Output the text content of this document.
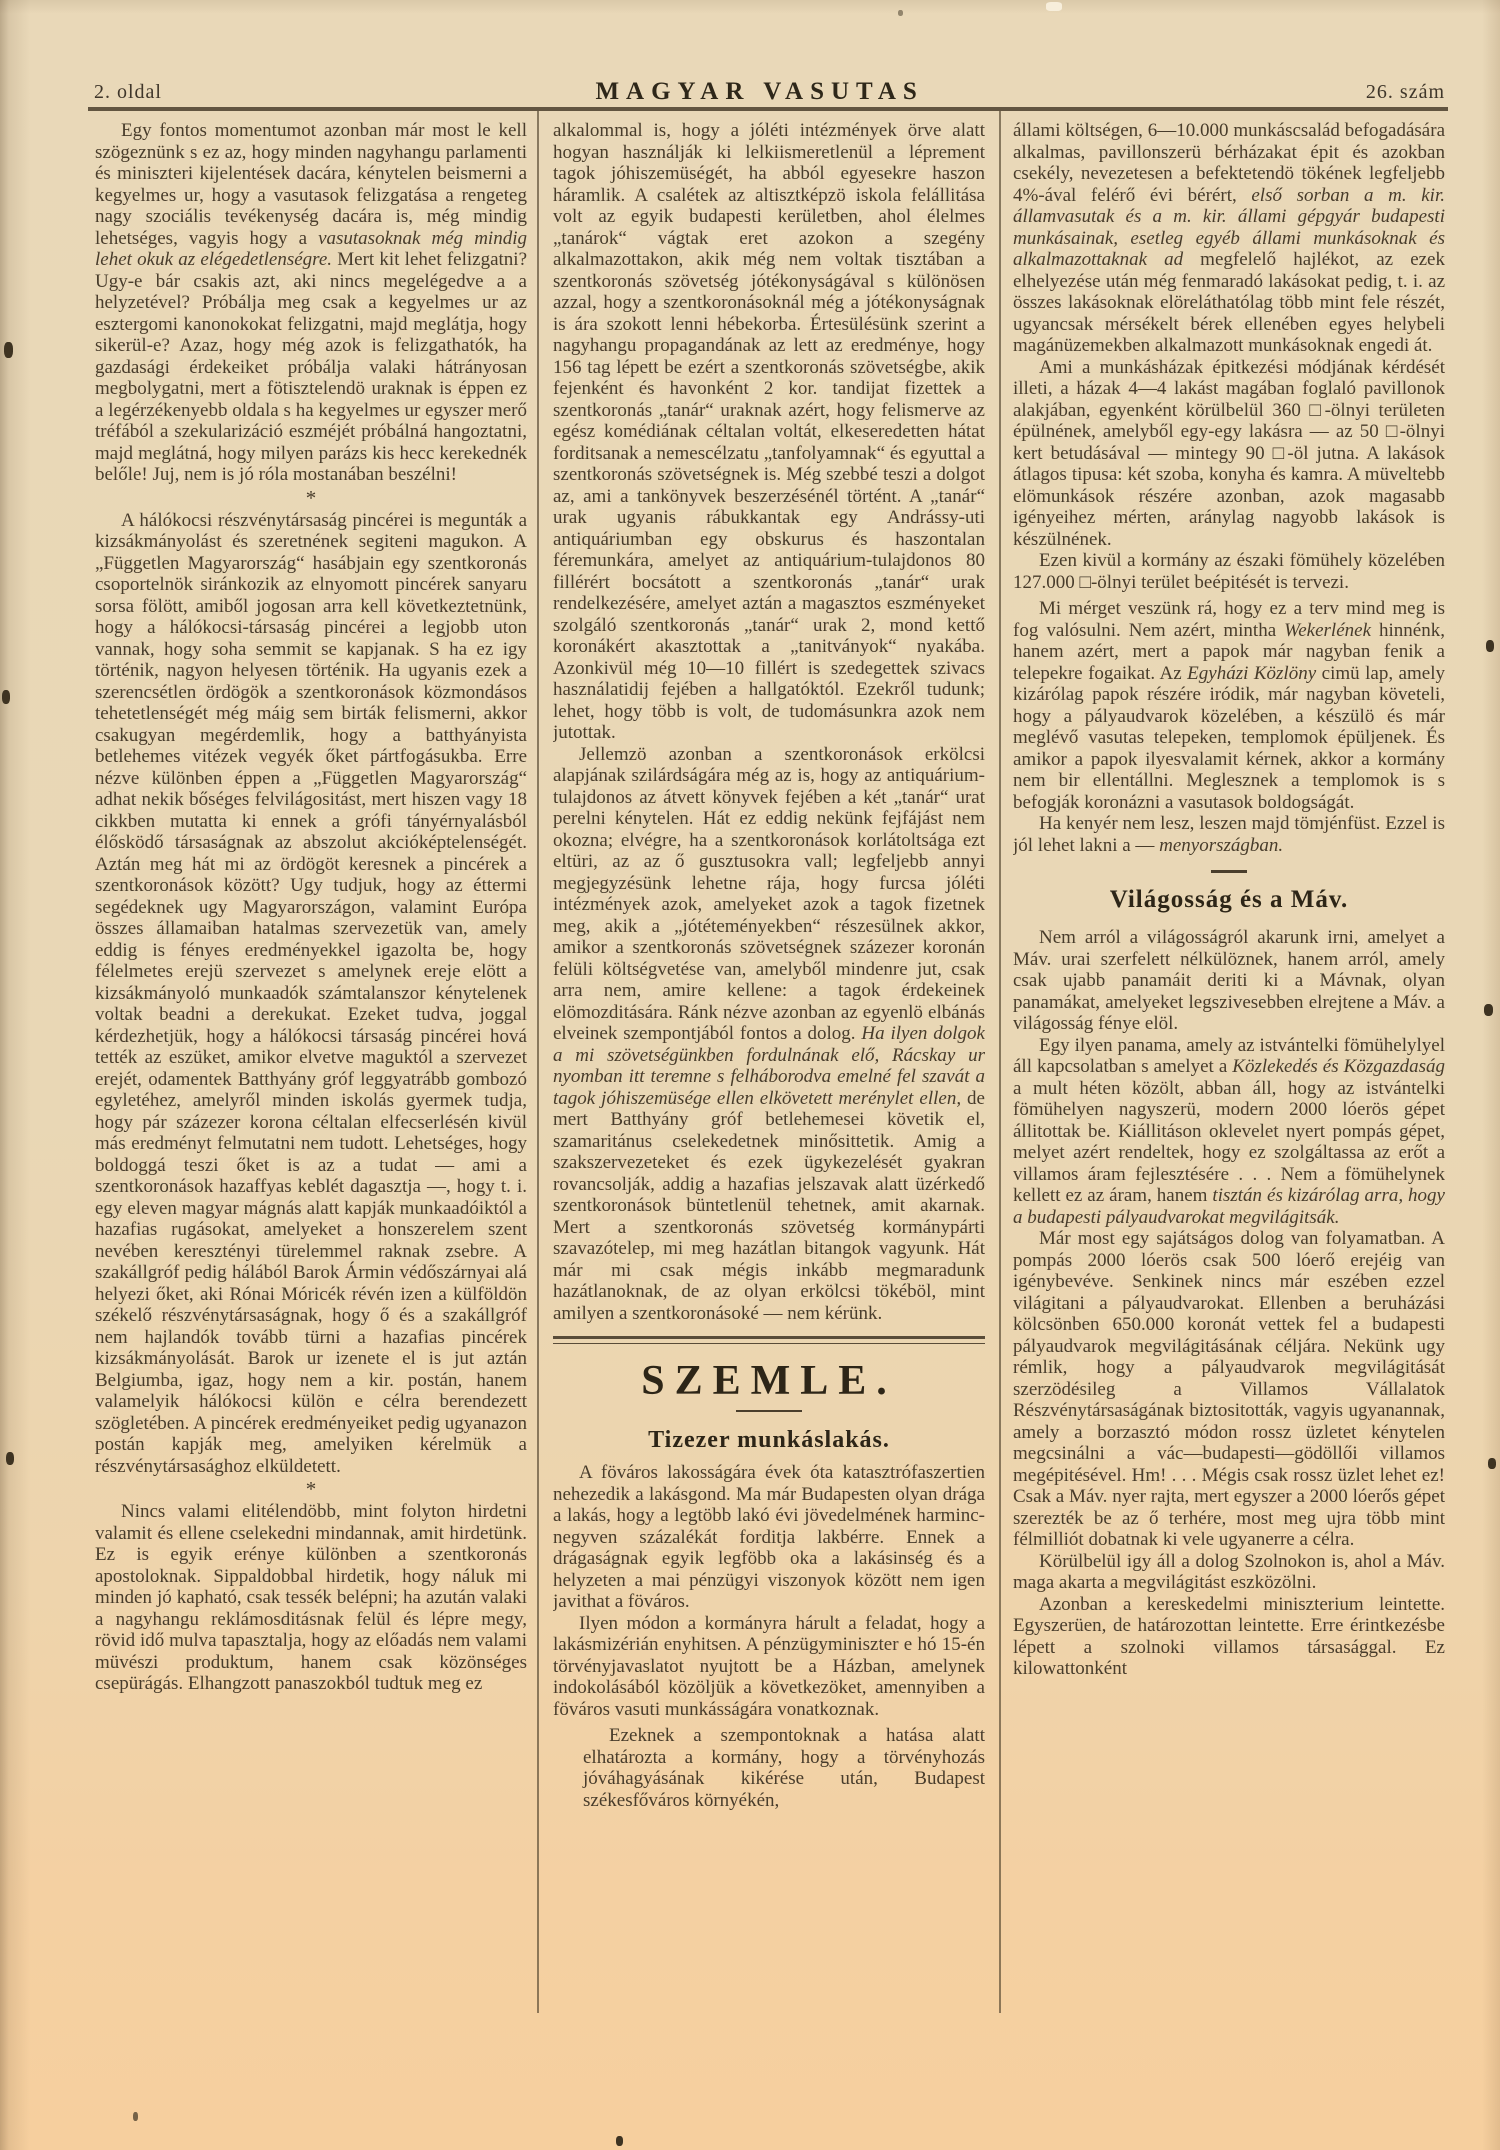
2. oldal	MAGYAR VASUTAS	26. szám

Egy fontos momentumot azonban már most le kell szögeznünk s ez az, hogy minden nagyhangu parlamenti és miniszteri kijelentések dacára, kénytelen beismerni a kegyelmes ur, hogy a vasutasok felizgatása a rengeteg nagy szociális tevékenység dacára is, még mindig lehetséges, vagyis hogy a vasutasoknak még mindig lehet okuk az elégedetlenségre. Mert kit lehet felizgatni? Ugy-e bár csakis azt, aki nincs megelégedve a a helyzetével? Próbálja meg csak a kegyelmes ur az esztergomi kanonokokat felizgatni, majd meglátja, hogy sikerül-e? Azaz, hogy még azok is felizgathatók, ha gazdasági érdekeiket próbálja valaki hátrányosan megbolygatni, mert a fötisztelendö uraknak is éppen ez a legérzékenyebb oldala s ha kegyelmes ur egyszer merő tréfából a szekularizáció eszméjét próbálná hangoztatni, majd meglátná, hogy milyen parázs kis hecc kerekednék belőle! Juj, nem is jó róla mostanában beszélni!

*

A hálókocsi részvénytársaság pincérei is megunták a kizsákmányolást és szeretnének segiteni magukon. A „Független Magyarország“ hasábjain egy szentkoronás csoportelnök siránkozik az elnyomott pincérek sanyaru sorsa fölött, amiből jogosan arra kell következtetnünk, hogy a hálókocsi-társaság pincérei a legjobb uton vannak, hogy soha semmit se kapjanak. S ha ez igy történik, nagyon helyesen történik. Ha ugyanis ezek a szerencsétlen ördögök a szentkoronások közmondásos tehetetlenségét még máig sem birták felismerni, akkor csakugyan megérdemlik, hogy a batthyányista betlehemes vitézek vegyék őket pártfogásukba. Erre nézve különben éppen a „Független Magyarország“ adhat nekik bőséges felvilágositást, mert hiszen vagy 18 cikkben mutatta ki ennek a grófi tányérnyalásból élősködő társaságnak az abszolut akcióképtelenségét. Aztán meg hát mi az ördögöt keresnek a pincérek a szentkoronások között? Ugy tudjuk, hogy az éttermi segédeknek ugy Magyarországon, valamint Európa összes államaiban hatalmas szervezetük van, amely eddig is fényes eredményekkel igazolta be, hogy félelmetes erejü szervezet s amelynek ereje elött a kizsákmányoló munkaadók számtalanszor kénytelenek voltak beadni a derekukat. Ezeket tudva, joggal kérdezhetjük, hogy a hálókocsi társaság pincérei hová tették az eszüket, amikor elvetve maguktól a szervezet erejét, odamentek Batthyány gróf leggyatrább gombozó egyletéhez, amelyről minden iskolás gyermek tudja, hogy pár százezer korona céltalan elfecserlésén kivül más eredményt felmutatni nem tudott. Lehetséges, hogy boldoggá teszi őket is az a tudat — ami a szentkoronások hazaffyas keblét dagasztja —, hogy t. i. egy eleven magyar mágnás alatt kapják munkaadóiktól a hazafias rugásokat, amelyeket a honszerelem szent nevében keresztényi türelemmel raknak zsebre. A szakállgróf pedig hálából Barok Ármin védőszárnyai alá helyezi őket, aki Rónai Móricék révén izen a külföldön székelő részvénytársaságnak, hogy ő és a szakállgróf nem hajlandók tovább türni a hazafias pincérek kizsákmányolását. Barok ur izenete el is jut aztán Belgiumba, igaz, hogy nem a kir. postán, hanem valamelyik hálókocsi külön e célra berendezett szögletében. A pincérek eredményeiket pedig ugyanazon postán kapják meg, amelyiken kérelmük a részvénytársasághoz elküldetett.

*

Nincs valami elitélendöbb, mint folyton hirdetni valamit és ellene cselekedni mindannak, amit hirdetünk. Ez is egyik erénye különben a szentkoronás apostoloknak. Sippaldobbal hirdetik, hogy náluk mi minden jó kapható, csak tessék belépni; ha azután valaki a nagyhangu reklámosditásnak felül és lépre megy, rövid idő mulva tapasztalja, hogy az előadás nem valami müvészi produktum, hanem csak közönséges csepürágás. Elhangzott panaszokból tudtuk meg ez

alkalommal is, hogy a jóléti intézmények örve alatt hogyan használják ki lelkiismeretlenül a léprement tagok jóhiszemüségét, ha abból egyesekre haszon háramlik. A csalétek az altisztképzö iskola felállitása volt az egyik budapesti kerületben, ahol élelmes „tanárok“ vágtak eret azokon a szegény alkalmazottakon, akik még nem voltak tisztában a szentkoronás szövetség jótékonyságával s különösen azzal, hogy a szentkoronásoknál még a jótékonyságnak is ára szokott lenni hébekorba. Értesülésünk szerint a nagyhangu propagandának az lett az eredménye, hogy 156 tag lépett be ezért a szentkoronás szövetségbe, akik fejenként és havonként 2 kor. tandijat fizettek a szentkoronás „tanár“ uraknak azért, hogy felismerve az egész komédiának céltalan voltát, elkeseredetten hátat forditsanak a nemescélzatu „tanfolyamnak“ és egyuttal a szentkoronás szövetségnek is. Még szebbé teszi a dolgot az, ami a tankönyvek beszerzésénél történt. A „tanár“ urak ugyanis rábukkantak egy Andrássy-uti antiquáriumban egy obskurus és haszontalan féremunkára, amelyet az antiquárium-tulajdonos 80 fillérért bocsátott a szentkoronás „tanár“ urak rendelkezésére, amelyet aztán a magasztos eszményeket szolgáló szentkoronás „tanár“ urak 2, mond kettő koronákért akasztottak a „tanitványok“ nyakába. Azonkivül még 10—10 fillért is szedegettek szivacs használatidij fejében a hallgatóktól. Ezekről tudunk; lehet, hogy több is volt, de tudomásunkra azok nem jutottak.

Jellemzö azonban a szentkoronások erkölcsi alapjának szilárdságára még az is, hogy az antiquárium-tulajdonos az átvett könyvek fejében a két „tanár“ urat perelni kénytelen. Hát ez eddig nekünk fejfájást nem okozna; elvégre, ha a szentkoronások korlátoltsága ezt eltüri, az az ő gusztusokra vall; legfeljebb annyi megjegyzésünk lehetne rája, hogy furcsa jóléti intézmények azok, amelyeket azok a tagok fizetnek meg, akik a „jótéteményekben“ részesülnek akkor, amikor a szentkoronás szövetségnek százezer koronán felüli költségvetése van, amelyből mindenre jut, csak arra nem, amire kellene: a tagok érdekeinek elömozditására. Ránk nézve azonban az egyenlö elbánás elveinek szempontjából fontos a dolog. Ha ilyen dolgok a mi szövetségünkben fordulnának elő, Rácskay ur nyomban itt teremne s felháborodva emelné fel szavát a tagok jóhiszemüsége ellen elkövetett merénylet ellen, de mert Batthyány gróf betlehemesei követik el, szamaritánus cselekedetnek minősittetik. Amig a szakszervezeteket és ezek ügykezelését gyakran rovancsolják, addig a hazafias jelszavak alatt üzérkedő szentkoronások büntetlenül tehetnek, amit akarnak. Mert a szentkoronás szövetség kormánypárti szavazótelep, mi meg hazátlan bitangok vagyunk. Hát már mi csak mégis inkább megmaradunk hazátlanoknak, de az olyan erkölcsi tökéböl, mint amilyen a szentkoronásoké — nem kérünk.

SZEMLE.
Tizezer munkáslakás.

A föváros lakosságára évek óta katasztrófaszertien nehezedik a lakásgond. Ma már Budapesten olyan drága a lakás, hogy a legtöbb lakó évi jövedelmének harminc-negyven százalékát forditja lakbérre. Ennek a drágaságnak egyik legföbb oka a lakásinség és a helyzeten a mai pénzügyi viszonyok között nem igen javithat a föváros.

Ilyen módon a kormányra hárult a feladat, hogy a lakásmizérián enyhitsen. A pénzügyminiszter e hó 15-én törvényjavaslatot nyujtott be a Házban, amelynek indokolásából közöljük a következöket, amennyiben a föváros vasuti munkásságára vonatkoznak.

Ezeknek a szempontoknak a hatása alatt elhatározta a kormány, hogy a törvényhozás jóváhagyásának kikérése után, Budapest székesfőváros környékén,

állami költségen, 6—10.000 munkáscsalád befogadására alkalmas, pavillonszerü bérházakat épit és azokban csekély, nevezetesen a befektetendö tökének legfeljebb 4%-ával felérő évi bérért, első sorban a m. kir. államvasutak és a m. kir. állami gépgyár budapesti munkásainak, esetleg egyéb állami munkásoknak és alkalmazottaknak ad megfelelő hajlékot, az ezek elhelyezése után még fenmaradó lakásokat pedig, t. i. az összes lakásoknak elöreláthatólag több mint fele részét, ugyancsak mérsékelt bérek ellenében egyes helybeli magánüzemekben alkalmazott munkásoknak engedi át.

Ami a munkásházak épitkezési módjának kérdését illeti, a házak 4—4 lakást magában foglaló pavillonok alakjában, egyenként körülbelül 360 □-ölnyi területen épülnének, amelyből egy-egy lakásra — az 50 □-ölnyi kert betudásával — mintegy 90 □-öl jutna. A lakások átlagos tipusa: két szoba, konyha és kamra. A müveltebb elömunkások részére azonban, azok magasabb igényeihez mérten, aránylag nagyobb lakások is készülnének.

Ezen kivül a kormány az északi fömühely közelében 127.000 □-ölnyi terület beépitését is tervezi.

Mi mérget veszünk rá, hogy ez a terv mind meg is fog valósulni. Nem azért, mintha Wekerlének hinnénk, hanem azért, mert a papok már nagyban fenik a telepekre fogaikat. Az Egyházi Közlöny cimü lap, amely kizárólag papok részére iródik, már nagyban követeli, hogy a pályaudvarok közelében, a készülö és már meglévő vasutas telepeken, templomok épüljenek. És amikor a papok ilyesvalamit kérnek, akkor a kormány nem bir ellentállni. Meglesznek a templomok is s befogják koronázni a vasutasok boldogságát.

Ha kenyér nem lesz, leszen majd tömjénfüst. Ezzel is jól lehet lakni a — menyországban.

Világosság és a Máv.

Nem arról a világosságról akarunk irni, amelyet a Máv. urai szerfelett nélkülöznek, hanem arról, amely csak ujabb panamáit deriti ki a Mávnak, olyan panamákat, amelyeket legszivesebben elrejtene a Máv. a világosság fénye elöl.

Egy ilyen panama, amely az istvántelki fömühelylyel áll kapcsolatban s amelyet a Közlekedés és Közgazdaság a mult héten közölt, abban áll, hogy az istvántelki fömühelyen nagyszerü, modern 2000 lóerös gépet állitottak be. Kiállitáson oklevelet nyert pompás gépet, melyet azért rendeltek, hogy ez szolgáltassa az erőt a villamos áram fejlesztésére . . . Nem a fömühelynek kellett ez az áram, hanem tisztán és kizárólag arra, hogy a budapesti pályaudvarokat megvilágitsák.

Már most egy sajátságos dolog van folyamatban. A pompás 2000 lóerös csak 500 lóerő erejéig van igénybevéve. Senkinek nincs már eszében ezzel világitani a pályaudvarokat. Ellenben a beruházási kölcsönben 650.000 koronát vettek fel a budapesti pályaudvarok megvilágitásának céljára. Nekünk ugy rémlik, hogy a pályaudvarok megvilágitását szerzödésileg a Villamos Vállalatok Részvénytársaságának biztositották, vagyis ugyanannak, amely a borzasztó módon rossz üzletet kénytelen megcsinálni a vác—budapesti—gödöllői villamos megépitésével. Hm! . . . Mégis csak rossz üzlet lehet ez! Csak a Máv. nyer rajta, mert egyszer a 2000 lóerős gépet szerezték be az ő terhére, most meg ujra több mint félmilliót dobatnak ki vele ugyanerre a célra.

Körülbelül igy áll a dolog Szolnokon is, ahol a Máv. maga akarta a megvilágitást eszközölni.

Azonban a kereskedelmi miniszterium leintette. Egyszerüen, de határozottan leintette. Erre érintkezésbe lépett a szolnoki villamos társasággal. Ez kilowattonként
